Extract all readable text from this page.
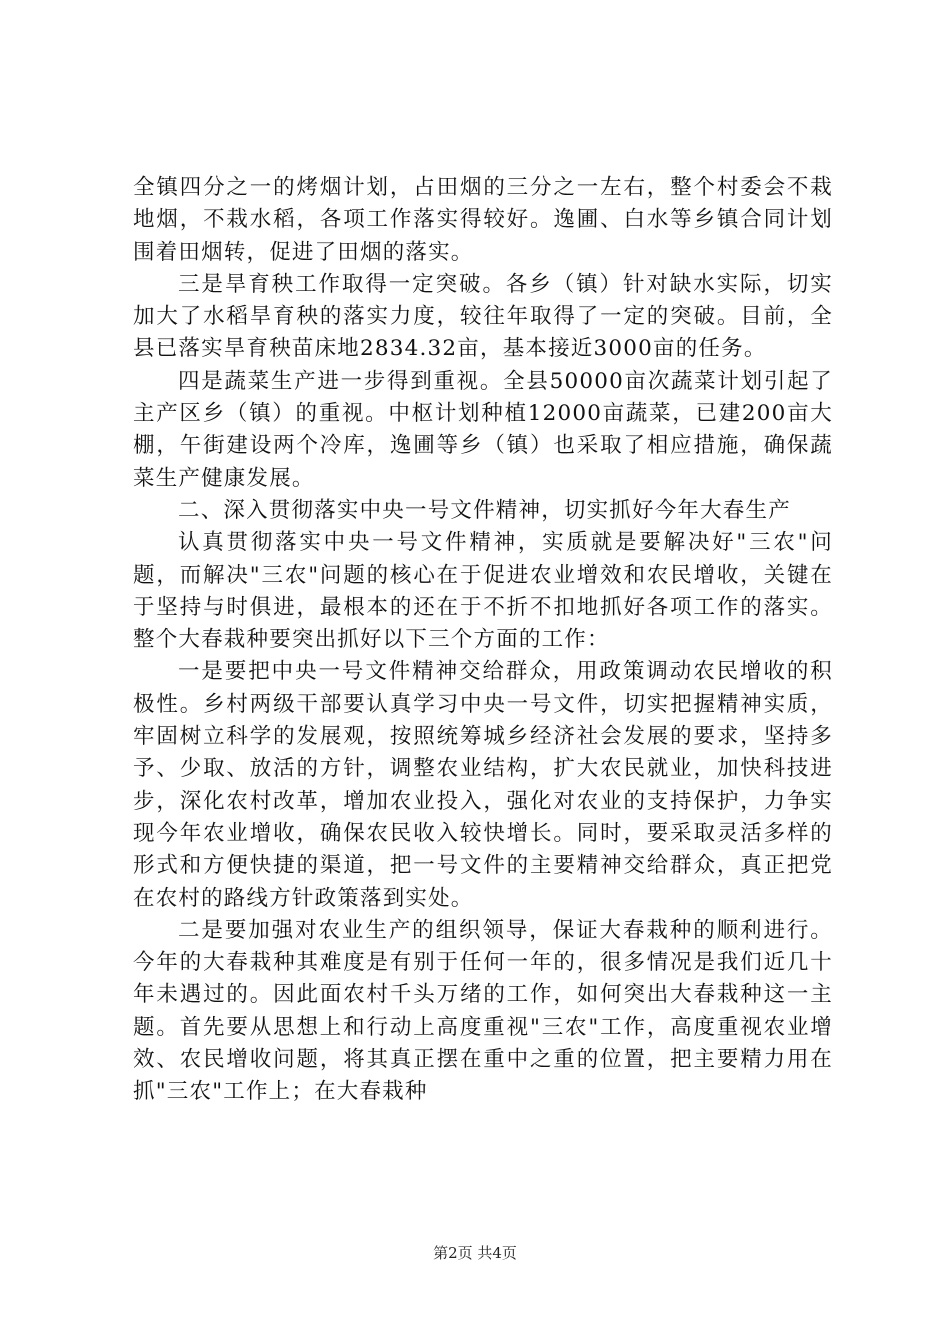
全镇四分之一的烤烟计划，占田烟的三分之一左右，整个村委会不栽地烟，不栽水稻，各项工作落实得较好。逸圃、白水等乡镇合同计划围着田烟转，促进了田烟的落实。

三是旱育秧工作取得一定突破。各乡（镇）针对缺水实际，切实加大了水稻旱育秧的落实力度，较往年取得了一定的突破。目前，全县已落实旱育秧苗床地2834.32亩，基本接近3000亩的任务。

四是蔬菜生产进一步得到重视。全县50000亩次蔬菜计划引起了主产区乡（镇）的重视。中枢计划种植12000亩蔬菜，已建200亩大棚，午街建设两个冷库，逸圃等乡（镇）也采取了相应措施，确保蔬菜生产健康发展。

二、深入贯彻落实中央一号文件精神，切实抓好今年大春生产

认真贯彻落实中央一号文件精神，实质就是要解决好"三农"问题，而解决"三农"问题的核心在于促进农业增效和农民增收，关键在于坚持与时俱进，最根本的还在于不折不扣地抓好各项工作的落实。整个大春栽种要突出抓好以下三个方面的工作：

一是要把中央一号文件精神交给群众，用政策调动农民增收的积极性。乡村两级干部要认真学习中央一号文件，切实把握精神实质，牢固树立科学的发展观，按照统筹城乡经济社会发展的要求，坚持多予、少取、放活的方针，调整农业结构，扩大农民就业，加快科技进步，深化农村改革，增加农业投入，强化对农业的支持保护，力争实现今年农业增收，确保农民收入较快增长。同时，要采取灵活多样的形式和方便快捷的渠道，把一号文件的主要精神交给群众，真正把党在农村的路线方针政策落到实处。

二是要加强对农业生产的组织领导，保证大春栽种的顺利进行。今年的大春栽种其难度是有别于任何一年的，很多情况是我们近几十年未遇过的。因此面农村千头万绪的工作，如何突出大春栽种这一主题。首先要从思想上和行动上高度重视"三农"工作，高度重视农业增效、农民增收问题，将其真正摆在重中之重的位置，把主要精力用在抓"三农"工作上；在大春栽种

第2页 共4页
